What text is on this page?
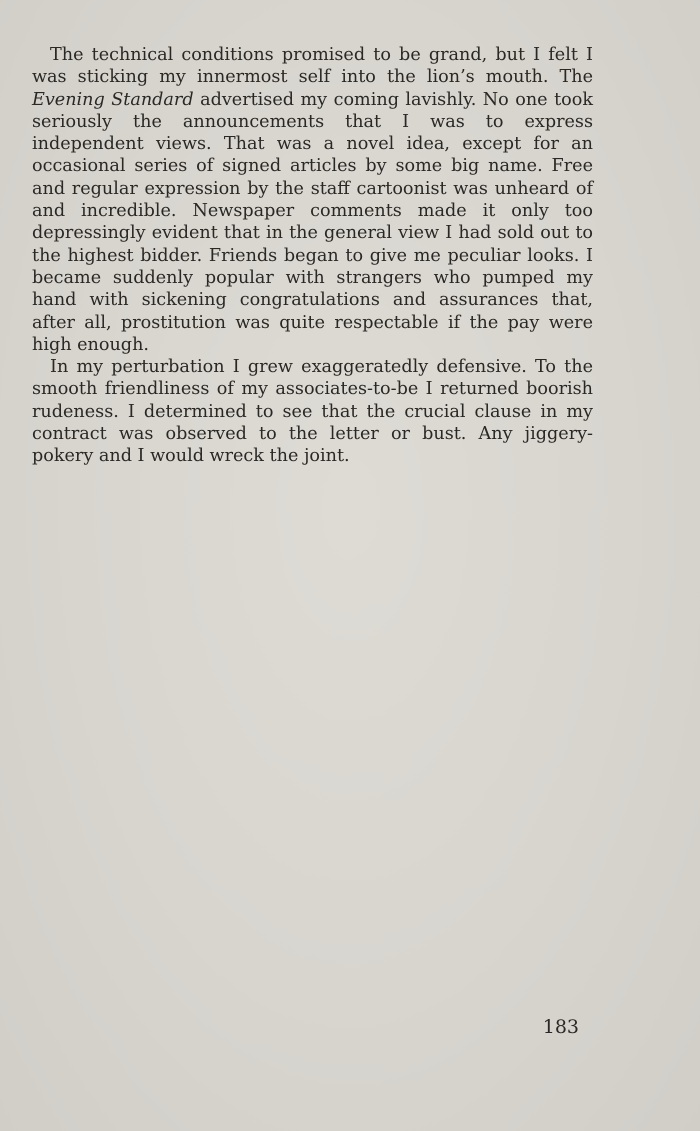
The technical conditions promised to be grand, but I felt I was sticking my innermost self into the lion’s mouth. The Evening Standard advertised my coming lavishly. No one took seriously the announcements that I was to express independent views. That was a novel idea, except for an occasional series of signed articles by some big name. Free and regular expression by the staff cartoonist was unheard of and incredible. Newspaper comments made it only too depressingly evident that in the general view I had sold out to the highest bidder. Friends began to give me peculiar looks. I became suddenly popular with strangers who pumped my hand with sickening congratulations and assurances that, after all, prostitution was quite respectable if the pay were high enough.

In my perturbation I grew exaggeratedly defensive. To the smooth friendliness of my associates-to-be I returned boorish rudeness. I determined to see that the crucial clause in my contract was observed to the letter or bust. Any jiggery-pokery and I would wreck the joint.

183
